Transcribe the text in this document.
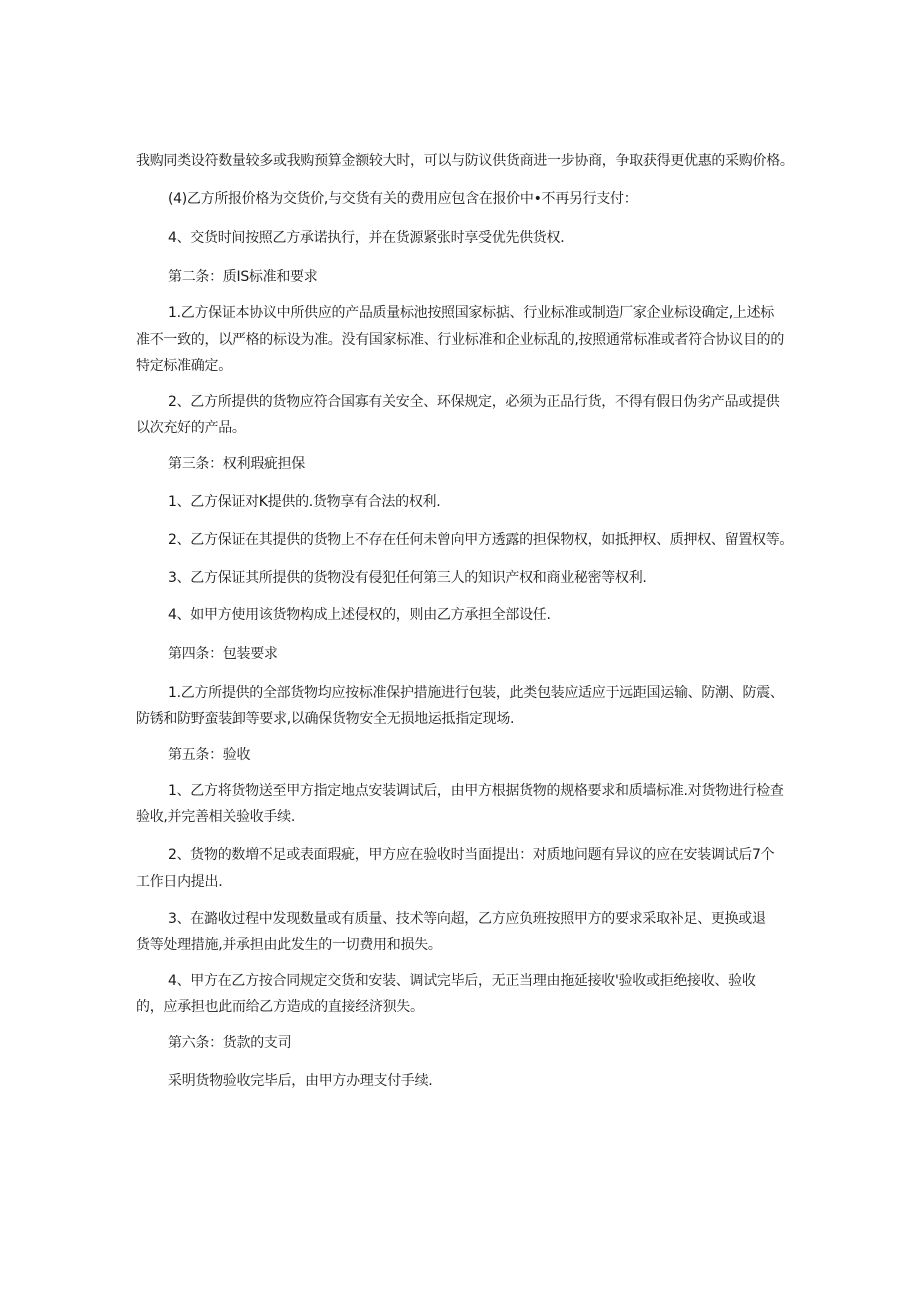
我购同类设符数量较多或我购预算金额较大时，可以与防议供货商进一步协商，争取获得更优惠的采购价格。
(4)乙方所报价格为交货价,与交货有关的费用应包含在报价中•不再另行支付：
4、交货时间按照乙方承诺执行，并在货源紧张时享受优先供货权.
第二条：质IS标准和要求
1.乙方保证本协议中所供应的产品质量标池按照国家标掂、行业标准或制造厂家企业标设确定,上述标
准不一致的，以严格的标设为准。没有国家标准、行业标准和企业标乱的,按照通常标准或者符合协议目的的
特定标准确定。
2、乙方所提供的货物应符合国寡有关安全、环保规定，必须为正品行货，不得有假日伪劣产品或提供
以次充好的产品。
第三条：权利瑕疵担保
1、乙方保证对K提供的.货物享有合法的权利.
2、乙方保证在其提供的货物上不存在任何未曾向甲方透露的担保物权，如抵押权、质押权、留置权等。
3、乙方保证其所提供的货物没有侵犯任何第三人的知识产权和商业秘密等权利.
4、如甲方使用该货物构成上述侵权的，则由乙方承担全部设任.
第四条：包装要求
1.乙方所提供的全部货物均应按标准保护措施进行包装，此类包装应适应于远距国运输、防潮、防震、
防锈和防野蛮装卸等要求,以确保货物安全无损地运抵指定现场.
第五条：验收
1、乙方将货物送至甲方指定地点安装调试后，由甲方根据货物的规格要求和质墙标准.对货物进行检查
验收,并完善相关验收手续.
2、货物的数増不足或表面瑕疵，甲方应在验收时当面提出：对质地问题有异议的应在安装调试后7个
工作日内提出.
3、在潞收过程中发现数量或有质量、技术等向超，乙方应负班按照甲方的要求采取补足、更换或退
货等处理措施,并承担由此发生的一切费用和损失。
4、甲方在乙方按合同规定交货和安装、调试完毕后，无正当理由拖延接收'验收或拒绝接收、验收
的，应承担也此而给乙方造成的直接经济狈失。
第六条：货款的支司
采明货物验收完毕后，由甲方办理支付手续.
